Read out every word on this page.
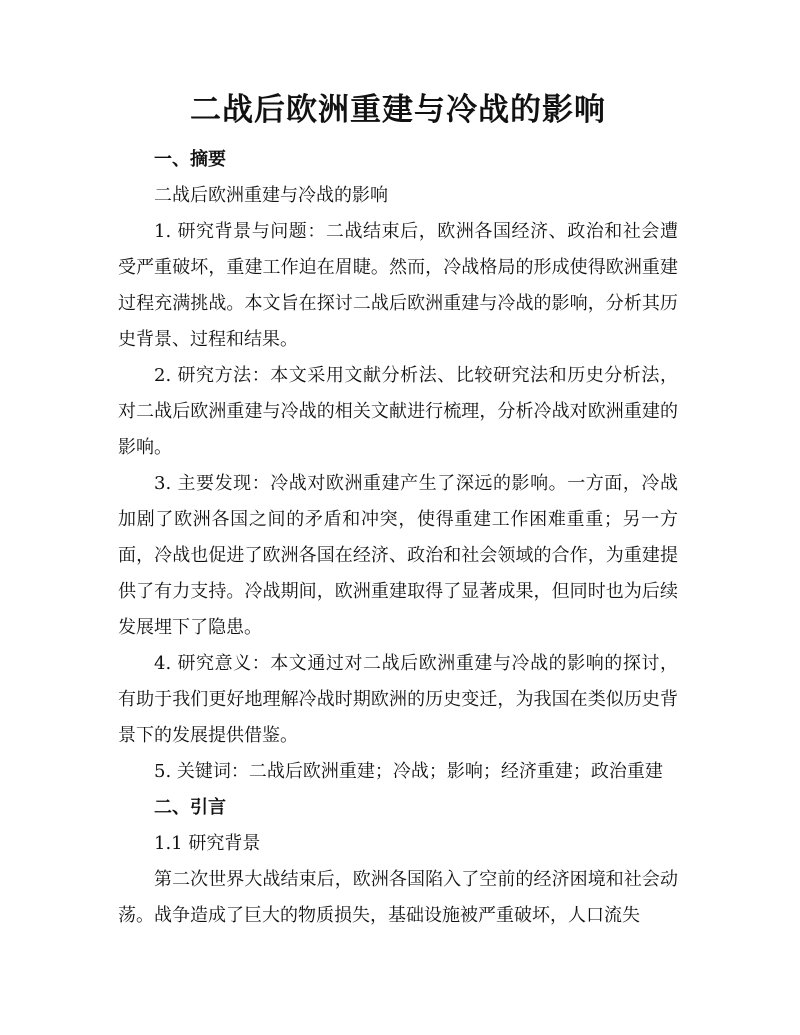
二战后欧洲重建与冷战的影响
一、摘要
二战后欧洲重建与冷战的影响

1. 研究背景与问题：二战结束后，欧洲各国经济、政治和社会遭受严重破坏，重建工作迫在眉睫。然而，冷战格局的形成使得欧洲重建过程充满挑战。本文旨在探讨二战后欧洲重建与冷战的影响，分析其历史背景、过程和结果。

2. 研究方法：本文采用文献分析法、比较研究法和历史分析法，对二战后欧洲重建与冷战的相关文献进行梳理，分析冷战对欧洲重建的影响。

3. 主要发现：冷战对欧洲重建产生了深远的影响。一方面，冷战加剧了欧洲各国之间的矛盾和冲突，使得重建工作困难重重；另一方面，冷战也促进了欧洲各国在经济、政治和社会领域的合作，为重建提供了有力支持。冷战期间，欧洲重建取得了显著成果，但同时也为后续发展埋下了隐患。

4. 研究意义：本文通过对二战后欧洲重建与冷战的影响的探讨，有助于我们更好地理解冷战时期欧洲的历史变迁，为我国在类似历史背景下的发展提供借鉴。

5. 关键词：二战后欧洲重建；冷战；影响；经济重建；政治重建

二、引言
1.1 研究背景

第二次世界大战结束后，欧洲各国陷入了空前的经济困境和社会动荡。战争造成了巨大的物质损失，基础设施被严重破坏，人口流失
